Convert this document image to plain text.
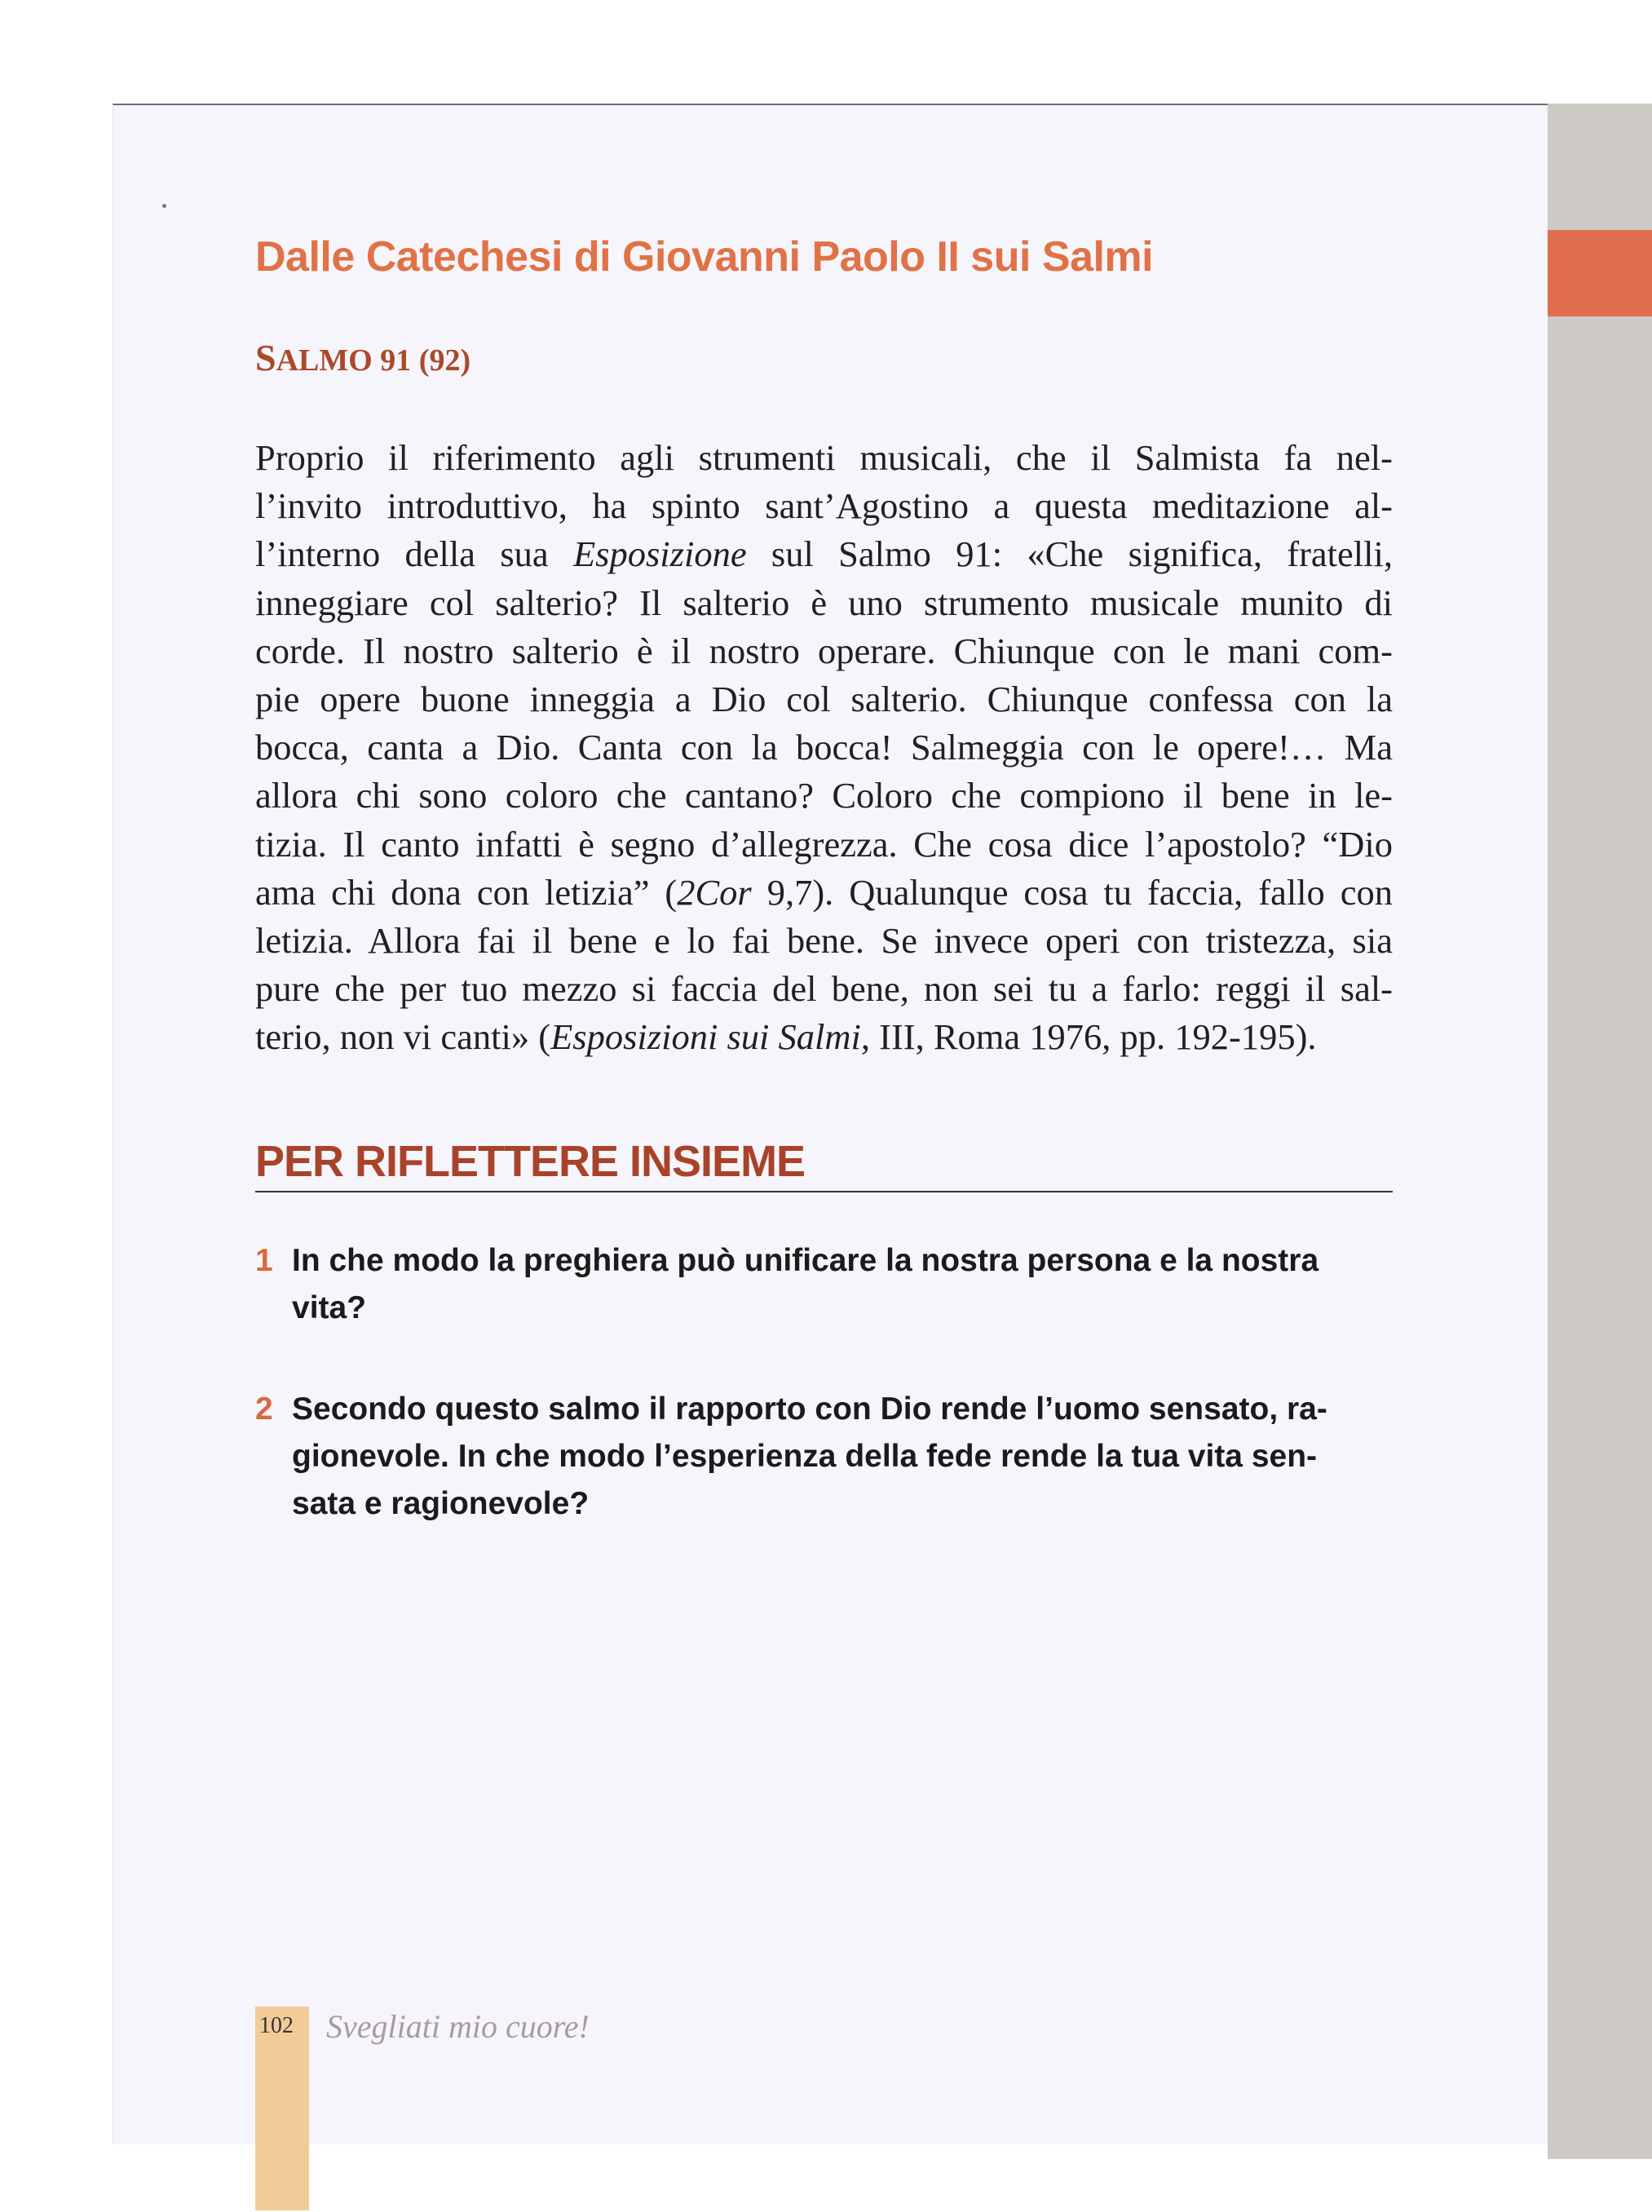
Dalle Catechesi di Giovanni Paolo II sui Salmi
SALMO 91 (92)
Proprio il riferimento agli strumenti musicali, che il Salmista fa nel-
l’invito introduttivo, ha spinto sant’Agostino a questa meditazione al-
l’interno della sua Esposizione sul Salmo 91: «Che significa, fratelli,
inneggiare col salterio? Il salterio è uno strumento musicale munito di
corde. Il nostro salterio è il nostro operare. Chiunque con le mani com-
pie opere buone inneggia a Dio col salterio. Chiunque confessa con la
bocca, canta a Dio. Canta con la bocca! Salmeggia con le opere!… Ma
allora chi sono coloro che cantano? Coloro che compiono il bene in le-
tizia. Il canto infatti è segno d’allegrezza. Che cosa dice l’apostolo? “Dio
ama chi dona con letizia” (2Cor 9,7). Qualunque cosa tu faccia, fallo con
letizia. Allora fai il bene e lo fai bene. Se invece operi con tristezza, sia
pure che per tuo mezzo si faccia del bene, non sei tu a farlo: reggi il sal-
terio, non vi canti» (Esposizioni sui Salmi, III, Roma 1976, pp. 192-195).
PER RIFLETTERE INSIEME
1 In che modo la preghiera può unificare la nostra persona e la nostra
vita?
2 Secondo questo salmo il rapporto con Dio rende l’uomo sensato, ra-
gionevole. In che modo l’esperienza della fede rende la tua vita sen-
sata e ragionevole?
102 Svegliati mio cuore!
